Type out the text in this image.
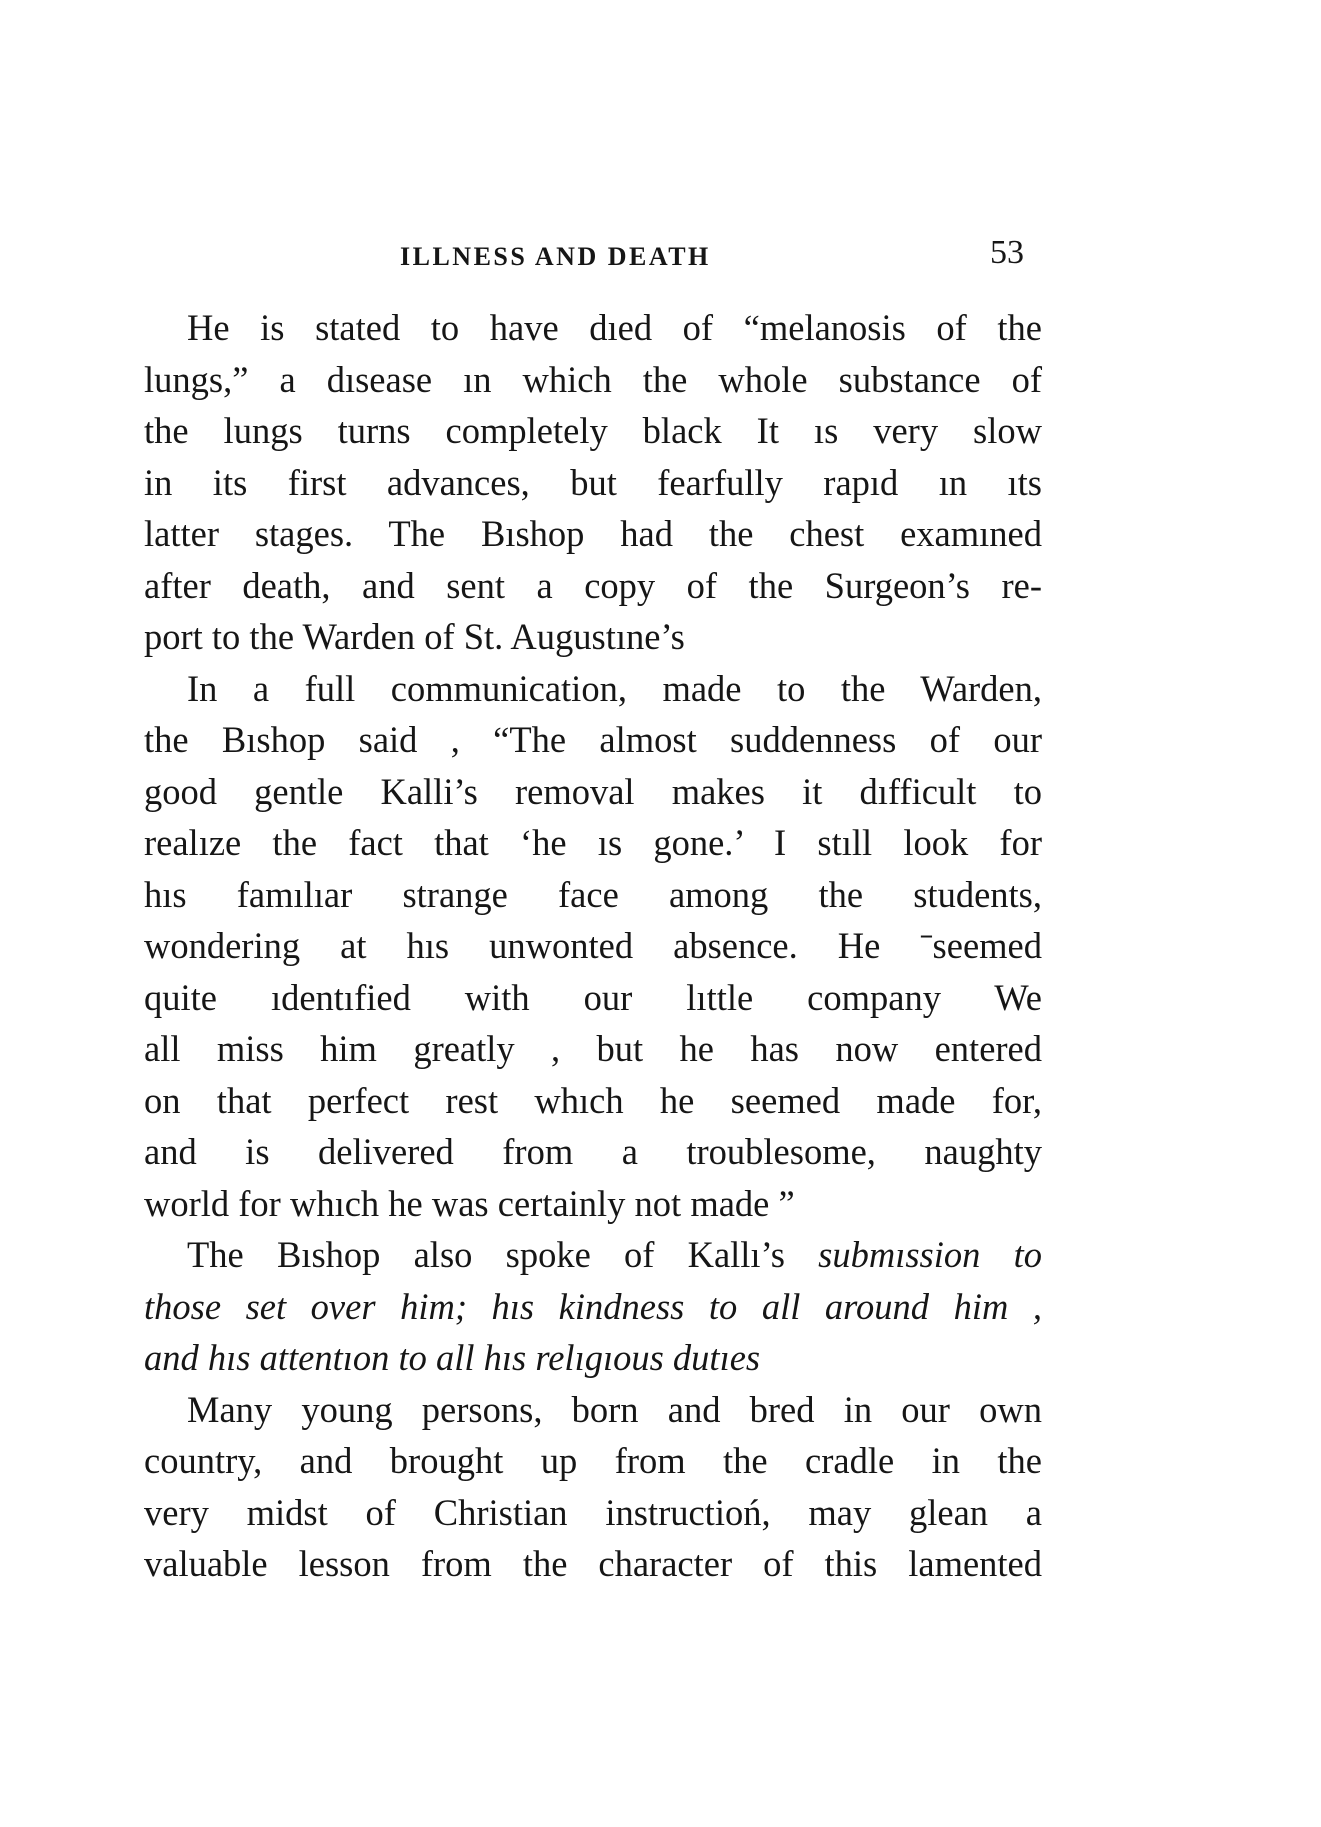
ILLNESS AND DEATH	53
He is stated to have dıed of “melanosis of the
lungs,” a dısease ın which the whole substance of
the lungs turns completely black It ıs very slow
in its first advances, but fearfully rapıd ın ıts
latter stages. The Bıshop had the chest examıned
after death, and sent a copy of the Surgeon’s re-
port to the Warden of St. Augustıne’s
In a full communication, made to the Warden,
the Bıshop said , “The almost suddenness of our
good gentle Kalli’s removal makes it dıfficult to
realıze the fact that ‘he ıs gone.’ I stıll look for
hıs famılıar strange face among the students,
wondering at hıs unwonted absence. He ˉseemed
quite ıdentıfied with our lıttle company We
all miss him greatly , but he has now entered
on that perfect rest whıch he seemed made for,
and is delivered from a troublesome, naughty
world for whıch he was certainly not made ”
The Bıshop also spoke of Kallı’s submıssion to
those set over him; hıs kindness to all around him ,
and hıs attentıon to all hıs relıgıous dutıes
Many young persons, born and bred in our own
country, and brought up from the cradle in the
very midst of Christian instructioń, may glean a
valuable lesson from the character of this lamented
